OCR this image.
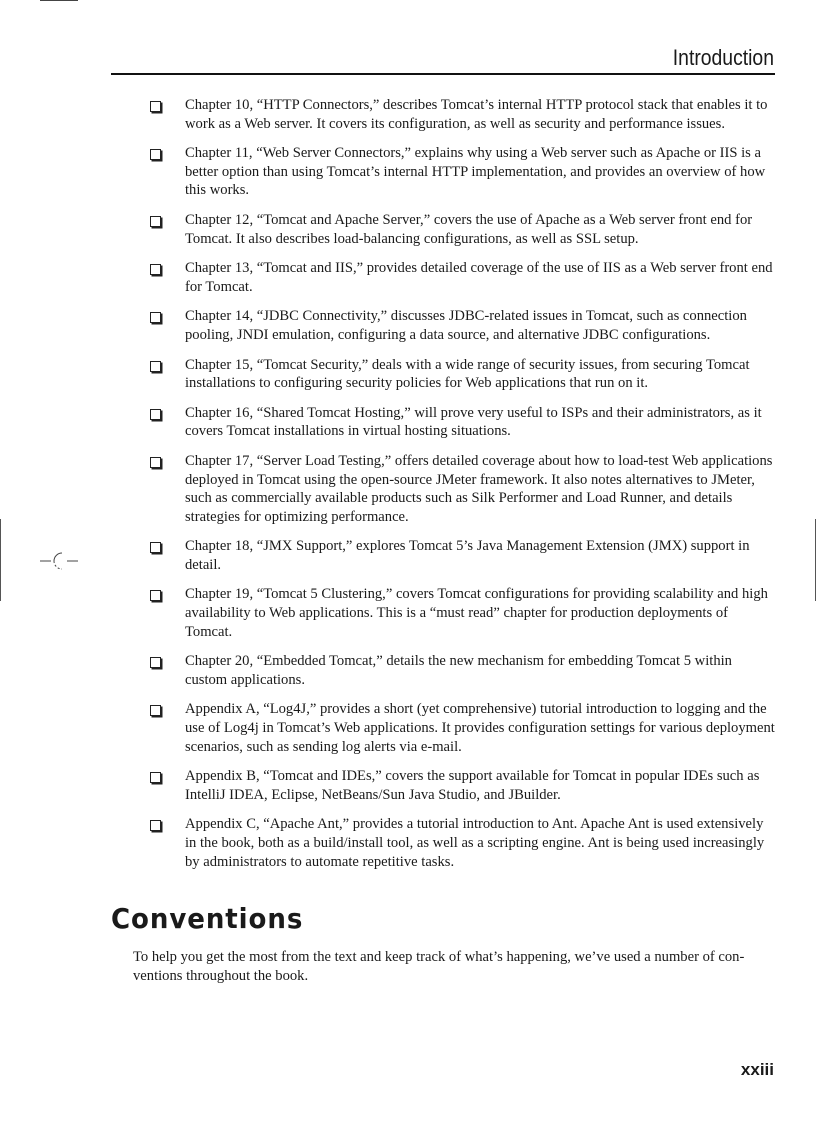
Introduction
Chapter 10, “HTTP Connectors,” describes Tomcat’s internal HTTP protocol stack that enables it to work as a Web server. It covers its configuration, as well as security and performance issues.
Chapter 11, “Web Server Connectors,” explains why using a Web server such as Apache or IIS is a better option than using Tomcat’s internal HTTP implementation, and provides an overview of how this works.
Chapter 12, “Tomcat and Apache Server,” covers the use of Apache as a Web server front end for Tomcat. It also describes load-balancing configurations, as well as SSL setup.
Chapter 13, “Tomcat and IIS,” provides detailed coverage of the use of IIS as a Web server front end for Tomcat.
Chapter 14, “JDBC Connectivity,” discusses JDBC-related issues in Tomcat, such as connection pooling, JNDI emulation, configuring a data source, and alternative JDBC configurations.
Chapter 15, “Tomcat Security,” deals with a wide range of security issues, from securing Tomcat installations to configuring security policies for Web applications that run on it.
Chapter 16, “Shared Tomcat Hosting,” will prove very useful to ISPs and their administrators, as it covers Tomcat installations in virtual hosting situations.
Chapter 17, “Server Load Testing,” offers detailed coverage about how to load-test Web applications deployed in Tomcat using the open-source JMeter framework. It also notes alternatives to JMeter, such as commercially available products such as Silk Performer and Load Runner, and details strategies for optimizing performance.
Chapter 18, “JMX Support,” explores Tomcat 5’s Java Management Extension (JMX) support in detail.
Chapter 19, “Tomcat 5 Clustering,” covers Tomcat configurations for providing scalability and high availability to Web applications. This is a “must read” chapter for production deployments of Tomcat.
Chapter 20, “Embedded Tomcat,” details the new mechanism for embedding Tomcat 5 within custom applications.
Appendix A, “Log4J,” provides a short (yet comprehensive) tutorial introduction to logging and the use of Log4j in Tomcat’s Web applications. It provides configuration settings for various deployment scenarios, such as sending log alerts via e-mail.
Appendix B, “Tomcat and IDEs,” covers the support available for Tomcat in popular IDEs such as IntelliJ IDEA, Eclipse, NetBeans/Sun Java Studio, and JBuilder.
Appendix C, “Apache Ant,” provides a tutorial introduction to Ant. Apache Ant is used extensively in the book, both as a build/install tool, as well as a scripting engine. Ant is being used increasingly by administrators to automate repetitive tasks.
Conventions

To help you get the most from the text and keep track of what’s happening, we’ve used a number of conventions throughout the book.

xxiii
